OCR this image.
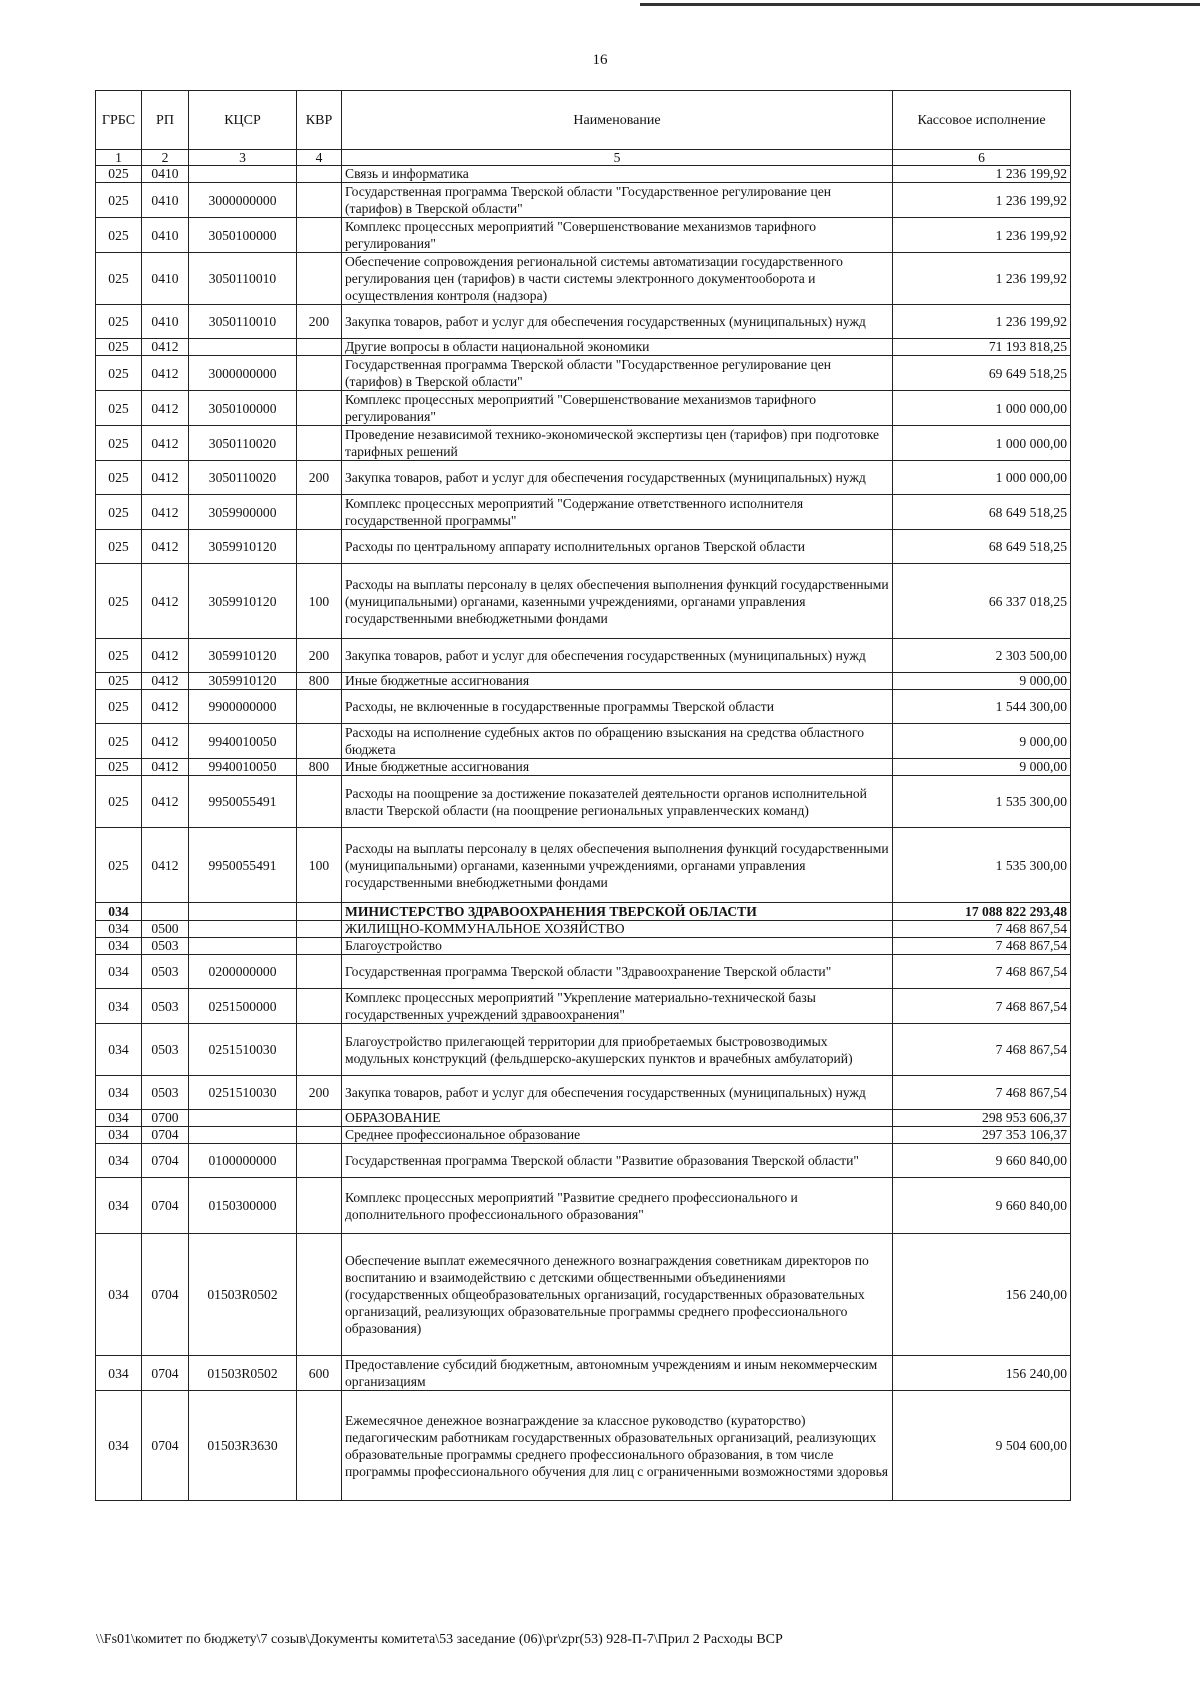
16
ГРБС	РП	КЦСР	КВР	Наименование	Кассовое исполнение
1	2	3	4	5	6
025	0410			Связь и информатика	1 236 199,92
025	0410	3000000000		Государственная программа Тверской области "Государственное регулирование цен (тарифов) в Тверской области"	1 236 199,92
025	0410	3050100000		Комплекс процессных мероприятий "Совершенствование механизмов тарифного регулирования"	1 236 199,92
025	0410	3050110010		Обеспечение сопровождения региональной системы автоматизации государственного регулирования цен (тарифов) в части системы электронного документооборота и осуществления контроля (надзора)	1 236 199,92
025	0410	3050110010	200	Закупка товаров, работ и услуг для обеспечения государственных (муниципальных) нужд	1 236 199,92
025	0412			Другие вопросы в области национальной экономики	71 193 818,25
025	0412	3000000000		Государственная программа Тверской области "Государственное регулирование цен (тарифов) в Тверской области"	69 649 518,25
025	0412	3050100000		Комплекс процессных мероприятий "Совершенствование механизмов тарифного регулирования"	1 000 000,00
025	0412	3050110020		Проведение независимой технико-экономической экспертизы цен (тарифов) при подготовке тарифных решений	1 000 000,00
025	0412	3050110020	200	Закупка товаров, работ и услуг для обеспечения государственных (муниципальных) нужд	1 000 000,00
025	0412	3059900000		Комплекс процессных мероприятий "Содержание ответственного исполнителя государственной программы"	68 649 518,25
025	0412	3059910120		Расходы по центральному аппарату исполнительных органов Тверской области	68 649 518,25
025	0412	3059910120	100	Расходы на выплаты персоналу в целях обеспечения выполнения функций государственными (муниципальными) органами, казенными учреждениями, органами управления государственными внебюджетными фондами	66 337 018,25
025	0412	3059910120	200	Закупка товаров, работ и услуг для обеспечения государственных (муниципальных) нужд	2 303 500,00
025	0412	3059910120	800	Иные бюджетные ассигнования	9 000,00
025	0412	9900000000		Расходы, не включенные в государственные программы Тверской области	1 544 300,00
025	0412	9940010050		Расходы на исполнение судебных актов по обращению взыскания на средства областного бюджета	9 000,00
025	0412	9940010050	800	Иные бюджетные ассигнования	9 000,00
025	0412	9950055491		Расходы на поощрение за достижение показателей деятельности органов исполнительной власти Тверской области (на поощрение региональных управленческих команд)	1 535 300,00
025	0412	9950055491	100	Расходы на выплаты персоналу в целях обеспечения выполнения функций государственными (муниципальными) органами, казенными учреждениями, органами управления государственными внебюджетными фондами	1 535 300,00
034				МИНИСТЕРСТВО ЗДРАВООХРАНЕНИЯ ТВЕРСКОЙ ОБЛАСТИ	17 088 822 293,48
034	0500			ЖИЛИЩНО-КОММУНАЛЬНОЕ ХОЗЯЙСТВО	7 468 867,54
034	0503			Благоустройство	7 468 867,54
034	0503	0200000000		Государственная программа Тверской области "Здравоохранение Тверской области"	7 468 867,54
034	0503	0251500000		Комплекс процессных мероприятий "Укрепление материально-технической базы государственных учреждений здравоохранения"	7 468 867,54
034	0503	0251510030		Благоустройство прилегающей территории для приобретаемых быстровозводимых модульных конструкций (фельдшерско-акушерских пунктов и врачебных амбулаторий)	7 468 867,54
034	0503	0251510030	200	Закупка товаров, работ и услуг для обеспечения государственных (муниципальных) нужд	7 468 867,54
034	0700			ОБРАЗОВАНИЕ	298 953 606,37
034	0704			Среднее профессиональное образование	297 353 106,37
034	0704	0100000000		Государственная программа Тверской области "Развитие образования Тверской области"	9 660 840,00
034	0704	0150300000		Комплекс процессных мероприятий "Развитие среднего профессионального и дополнительного профессионального образования"	9 660 840,00
034	0704	01503R0502		Обеспечение выплат ежемесячного денежного вознаграждения советникам директоров по воспитанию и взаимодействию с детскими общественными объединениями (государственных общеобразовательных организаций, государственных образовательных организаций, реализующих образовательные программы среднего профессионального образования)	156 240,00
034	0704	01503R0502	600	Предоставление субсидий бюджетным, автономным учреждениям и иным некоммерческим организациям	156 240,00
034	0704	01503R3630		Ежемесячное денежное вознаграждение за классное руководство (кураторство) педагогическим работникам государственных образовательных организаций, реализующих образовательные программы среднего профессионального образования, в том числе программы профессионального обучения для лиц с ограниченными возможностями здоровья	9 504 600,00
\\Fs01\комитет по бюджету\7 созыв\Документы комитета\53 заседание (06)\pr\zpr(53) 928-П-7\Прил 2 Расходы ВСР
